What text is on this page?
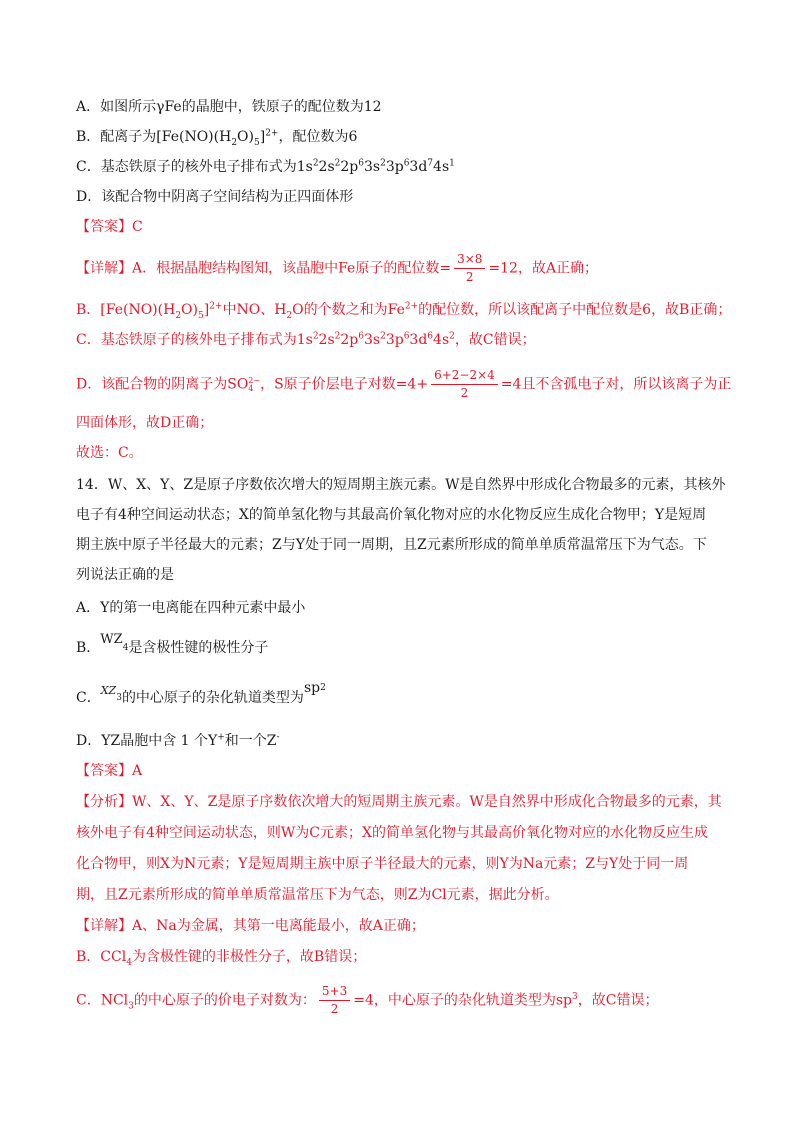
A．如图所示γFe的晶胞中，铁原子的配位数为12
B．配离子为$[Fe(NO)(H_2O)_5]^{2+}$，配位数为6
C．基态铁原子的核外电子排布式为$1s^22s^22p^63s^23p^63d^74s^1$
D．该配合物中阴离子空间结构为正四面体形
【答案】C
【详解】A．根据晶胞结构图知，该晶胞中Fe原子的配位数= $\frac{3\times 8}{2} =12$，故A正确；
B．$[Fe(NO)(H_2O)_5]^{2+}$中NO、$H_2O$的个数之和为$Fe^{2+}$的配位数，所以该配离子中配位数是6，故B正确；
C．基态铁原子的核外电子排布式为$1s^22s^22p^63s^23p^63d^64s^2$，故C错误；
D．该配合物的阴离子为SO 2−
4 ，S原子价层电子对数$=4+ \frac{6+2-2\times 4}{2} =4$且不含孤电子对，所以该离子为正
四面体形，故D正确；
故选：C。
14．W、X、Y、Z是原子序数依次增大的短周期主族元素。W是自然界中形成化合物最多的元素，其核外
电子有4种空间运动状态；X的简单氢化物与其最高价氧化物对应的水化物反应生成化合物甲；Y是短周
期主族中原子半径最大的元素；Z与Y处于同一周期，且Z元素所形成的简单单质常温常压下为气态。下
列说法正确的是
A．Y的第一电离能在四种元素中最小
B．$WZ_4$是含极性键的极性分子
C．$^{XZ}_3$的中心原子的杂化轨道类型为$sp^2$
D．YZ晶胞中含 1 个Y+和一个Z-
【答案】A
【分析】W、X、Y、Z是原子序数依次增大的短周期主族元素。W是自然界中形成化合物最多的元素，其
核外电子有4种空间运动状态，则W为C元素；X的简单氢化物与其最高价氧化物对应的水化物反应生成
化合物甲，则X为N元素；Y是短周期主族中原子半径最大的元素，则Y为Na元素；Z与Y处于同一周
期，且Z元素所形成的简单单质常温常压下为气态，则Z为Cl元素，据此分析。
【详解】A、Na为金属，其第一电离能最小，故A正确；
B．CCl$_4$为含极性键的非极性分子，故B错误；
C．NCl$_3$的中心原子的价电子对数为： $\frac{5+3}{2} =4$，中心原子的杂化轨道类型为$sp^3$，故C错误；
